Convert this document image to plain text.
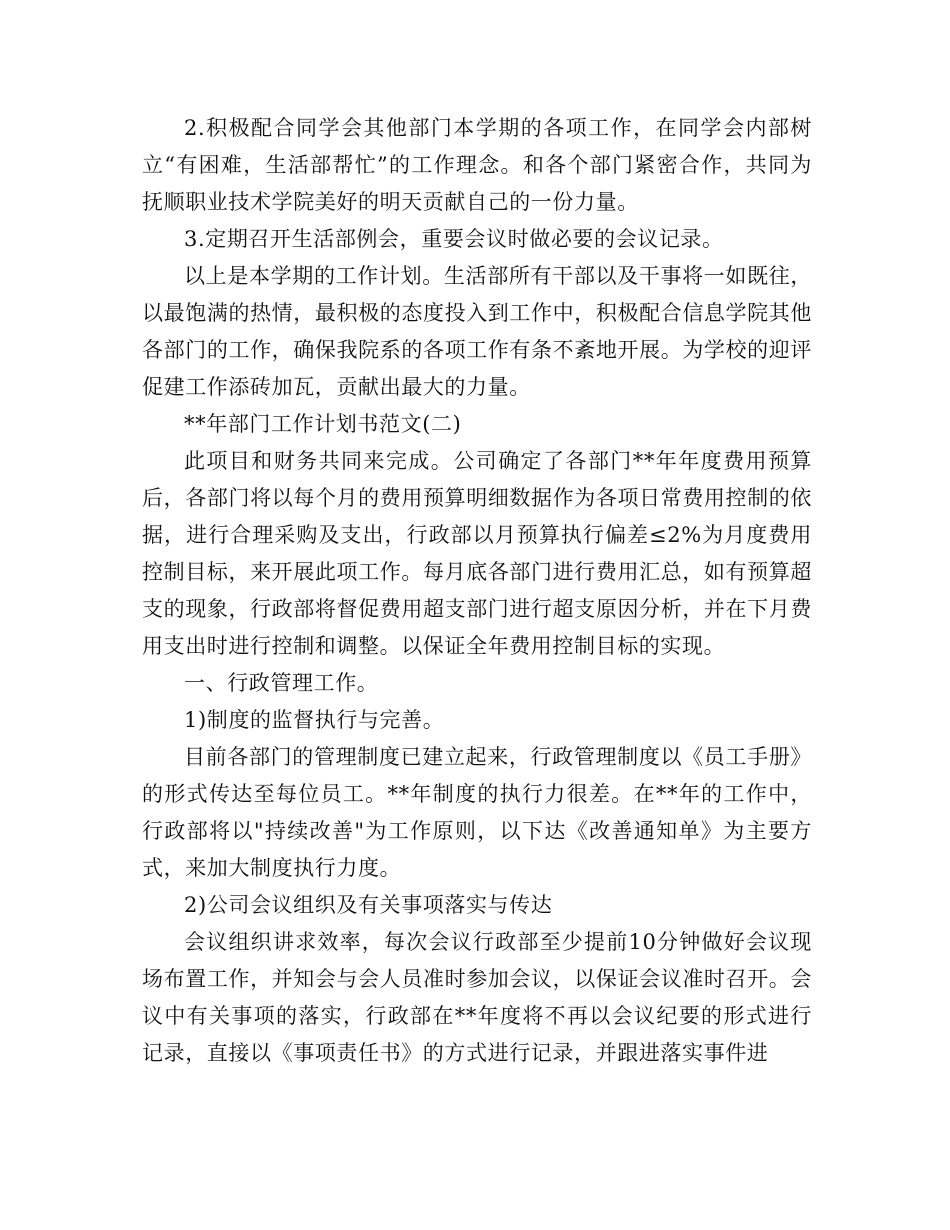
2.积极配合同学会其他部门本学期的各项工作，在同学会内部树立“有困难，生活部帮忙”的工作理念。和各个部门紧密合作，共同为抚顺职业技术学院美好的明天贡献自己的一份力量。

3.定期召开生活部例会，重要会议时做必要的会议记录。

以上是本学期的工作计划。生活部所有干部以及干事将一如既往，以最饱满的热情，最积极的态度投入到工作中，积极配合信息学院其他各部门的工作，确保我院系的各项工作有条不紊地开展。为学校的迎评促建工作添砖加瓦，贡献出最大的力量。

**年部门工作计划书范文(二)

此项目和财务共同来完成。公司确定了各部门**年年度费用预算后，各部门将以每个月的费用预算明细数据作为各项日常费用控制的依据，进行合理采购及支出，行政部以月预算执行偏差≤2%为月度费用控制目标，来开展此项工作。每月底各部门进行费用汇总，如有预算超支的现象，行政部将督促费用超支部门进行超支原因分析，并在下月费用支出时进行控制和调整。以保证全年费用控制目标的实现。

一、行政管理工作。

1)制度的监督执行与完善。

目前各部门的管理制度已建立起来，行政管理制度以《员工手册》的形式传达至每位员工。**年制度的执行力很差。在**年的工作中，行政部将以"持续改善"为工作原则，以下达《改善通知单》为主要方式，来加大制度执行力度。

2)公司会议组织及有关事项落实与传达

会议组织讲求效率，每次会议行政部至少提前10分钟做好会议现场布置工作，并知会与会人员准时参加会议，以保证会议准时召开。会议中有关事项的落实，行政部在**年度将不再以会议纪要的形式进行记录，直接以《事项责任书》的方式进行记录，并跟进落实事件进
